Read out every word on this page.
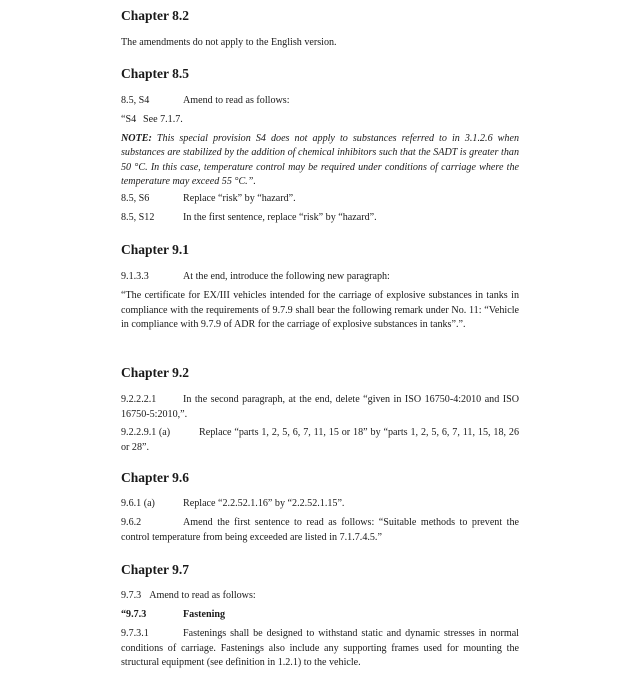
Chapter 8.2
The amendments do not apply to the English version.
Chapter 8.5
8.5, S4	Amend to read as follows:
“S4 See 7.1.7.
NOTE: This special provision S4 does not apply to substances referred to in 3.1.2.6 when substances are stabilized by the addition of chemical inhibitors such that the SADT is greater than 50 °C. In this case, temperature control may be required under conditions of carriage where the temperature may exceed 55 °C.”.
8.5, S6	Replace “risk” by “hazard”.
8.5, S12	In the first sentence, replace “risk” by “hazard”.
Chapter 9.1
9.1.3.3	At the end, introduce the following new paragraph:
“The certificate for EX/III vehicles intended for the carriage of explosive substances in tanks in compliance with the requirements of 9.7.9 shall bear the following remark under No. 11: “Vehicle in compliance with 9.7.9 of ADR for the carriage of explosive substances in tanks”.”.
Chapter 9.2
9.2.2.2.1	In the second paragraph, at the end, delete “given in ISO 16750-4:2010 and ISO 16750-5:2010,”.
9.2.2.9.1 (a)	Replace “parts 1, 2, 5, 6, 7, 11, 15 or 18” by “parts 1, 2, 5, 6, 7, 11, 15, 18, 26 or 28”.
Chapter 9.6
9.6.1 (a)	Replace “2.2.52.1.16” by “2.2.52.1.15”.
9.6.2	Amend the first sentence to read as follows: “Suitable methods to prevent the control temperature from being exceeded are listed in 7.1.7.4.5.”
Chapter 9.7
9.7.3 Amend to read as follows:
“9.7.3	Fastening
9.7.3.1	Fastenings shall be designed to withstand static and dynamic stresses in normal conditions of carriage. Fastenings also include any supporting frames used for mounting the structural equipment (see definition in 1.2.1) to the vehicle.
